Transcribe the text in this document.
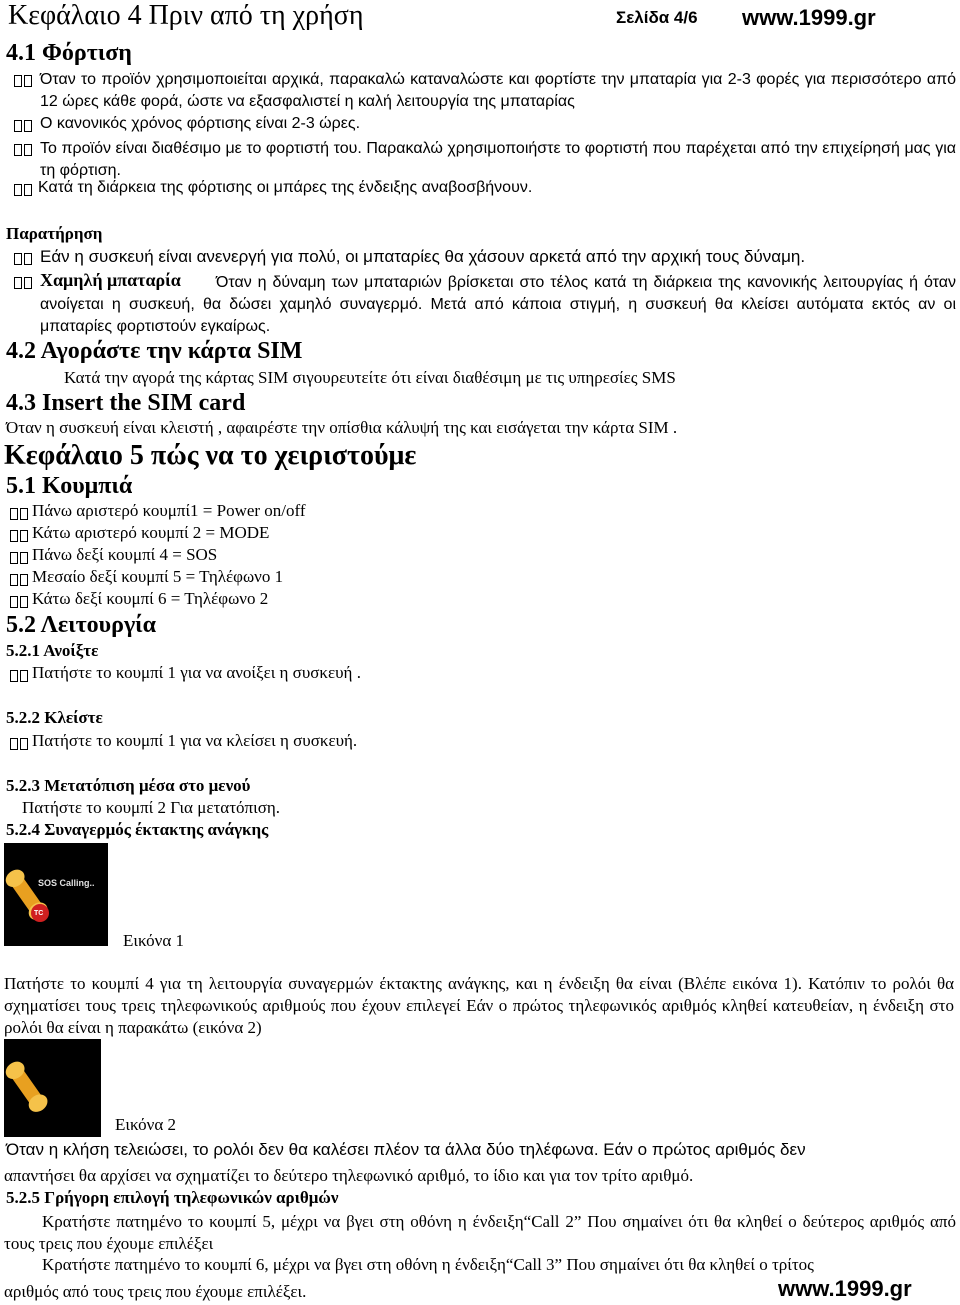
Κεφάλαιο 4 Πριν από τη χρήση	Σελίδα 4/6 www.1999.gr
4.1 Φόρτιση
Όταν το προϊόν χρησιμοποιείται αρχικά, παρακαλώ καταναλώστε και φορτίστε την μπαταρία για 2-3 φορές για περισσότερο από 12 ώρες κάθε φορά, ώστε να εξασφαλιστεί η καλή λειτουργία της μπαταρίας
Ο κανονικός χρόνος φόρτισης είναι 2-3 ώρες.
Το προϊόν είναι διαθέσιμο με το φορτιστή του. Παρακαλώ χρησιμοποιήστε το φορτιστή που παρέχεται από την επιχείρησή μας για τη φόρτιση.
Κατά τη διάρκεια της φόρτισης οι μπάρες της ένδειξης αναβοσβήνουν.
Παρατήρηση
Εάν η συσκευή είναι ανενεργή για πολύ, οι μπαταρίες θα χάσουν αρκετά από την αρχική τους δύναμη.
Χαμηλή μπαταρία	Όταν η δύναμη των μπαταριών βρίσκεται στο τέλος κατά τη διάρκεια της κανονικής λειτουργίας ή όταν ανοίγεται η συσκευή, θα δώσει χαμηλό συναγερμό. Μετά από κάποια στιγμή, η συσκευή θα κλείσει αυτόματα εκτός αν οι μπαταρίες φορτιστούν εγκαίρως.
4.2 Αγοράστε την κάρτα SIM
Κατά την αγορά της κάρτας SIM σιγουρευτείτε ότι είναι διαθέσιμη με τις υπηρεσίες SMS
4.3 Insert the SIM card
Όταν η συσκευή είναι κλειστή , αφαιρέστε την οπίσθια κάλυψή της και εισάγεται την κάρτα SIM .
Κεφάλαιο 5 πώς να το χειριστούμε
5.1 Κουμπιά
Πάνω αριστερό κουμπί1 = Power on/off
Κάτω αριστερό κουμπί 2 = MODE
Πάνω δεξί κουμπί 4 = SOS
Μεσαίο δεξί κουμπί 5 = Τηλέφωνο 1
Κάτω δεξί κουμπί 6 = Τηλέφωνο 2
5.2 Λειτουργία
5.2.1 Ανοίξτε
Πατήστε το κουμπί 1 για να ανοίξει η συσκευή .
5.2.2 Κλείστε
Πατήστε το κουμπί 1 για να κλείσει η συσκευή.
5.2.3 Μετατόπιση μέσα στο μενού
Πατήστε το κουμπί 2 Για μετατόπιση.
5.2.4 Συναγερμός έκτακτης ανάγκης
SOS Calling..
TC
Εικόνα 1
Πατήστε το κουμπί 4 για τη λειτουργία συναγερμών έκτακτης ανάγκης, και η ένδειξη θα είναι (Βλέπε εικόνα 1). Κατόπιν το ρολόι θα σχηματίσει τους τρεις τηλεφωνικούς αριθμούς που έχουν επιλεγεί Εάν ο πρώτος τηλεφωνικός αριθμός κληθεί κατευθείαν, η ένδειξη στο ρολόι θα είναι η παρακάτω (εικόνα 2)
Εικόνα 2
Όταν η κλήση τελειώσει, το ρολόι δεν θα καλέσει πλέον τα άλλα δύο τηλέφωνα. Εάν ο πρώτος αριθμός δεν
απαντήσει θα αρχίσει να σχηματίζει το δεύτερο τηλεφωνικό αριθμό, το ίδιο και για τον τρίτο αριθμό.
5.2.5 Γρήγορη επιλογή τηλεφωνικών αριθμών
Κρατήστε πατημένο το κουμπί 5, μέχρι να βγει στη οθόνη η ένδειξη“Call 2” Που σημαίνει ότι θα κληθεί ο δεύτερος αριθμός από τους τρεις που έχουμε επιλέξει
Κρατήστε πατημένο το κουμπί 6, μέχρι να βγει στη οθόνη η ένδειξη“Call 3” Που σημαίνει ότι θα κληθεί ο τρίτος
αριθμός από τους τρεις που έχουμε επιλέξει.	www.1999.gr
